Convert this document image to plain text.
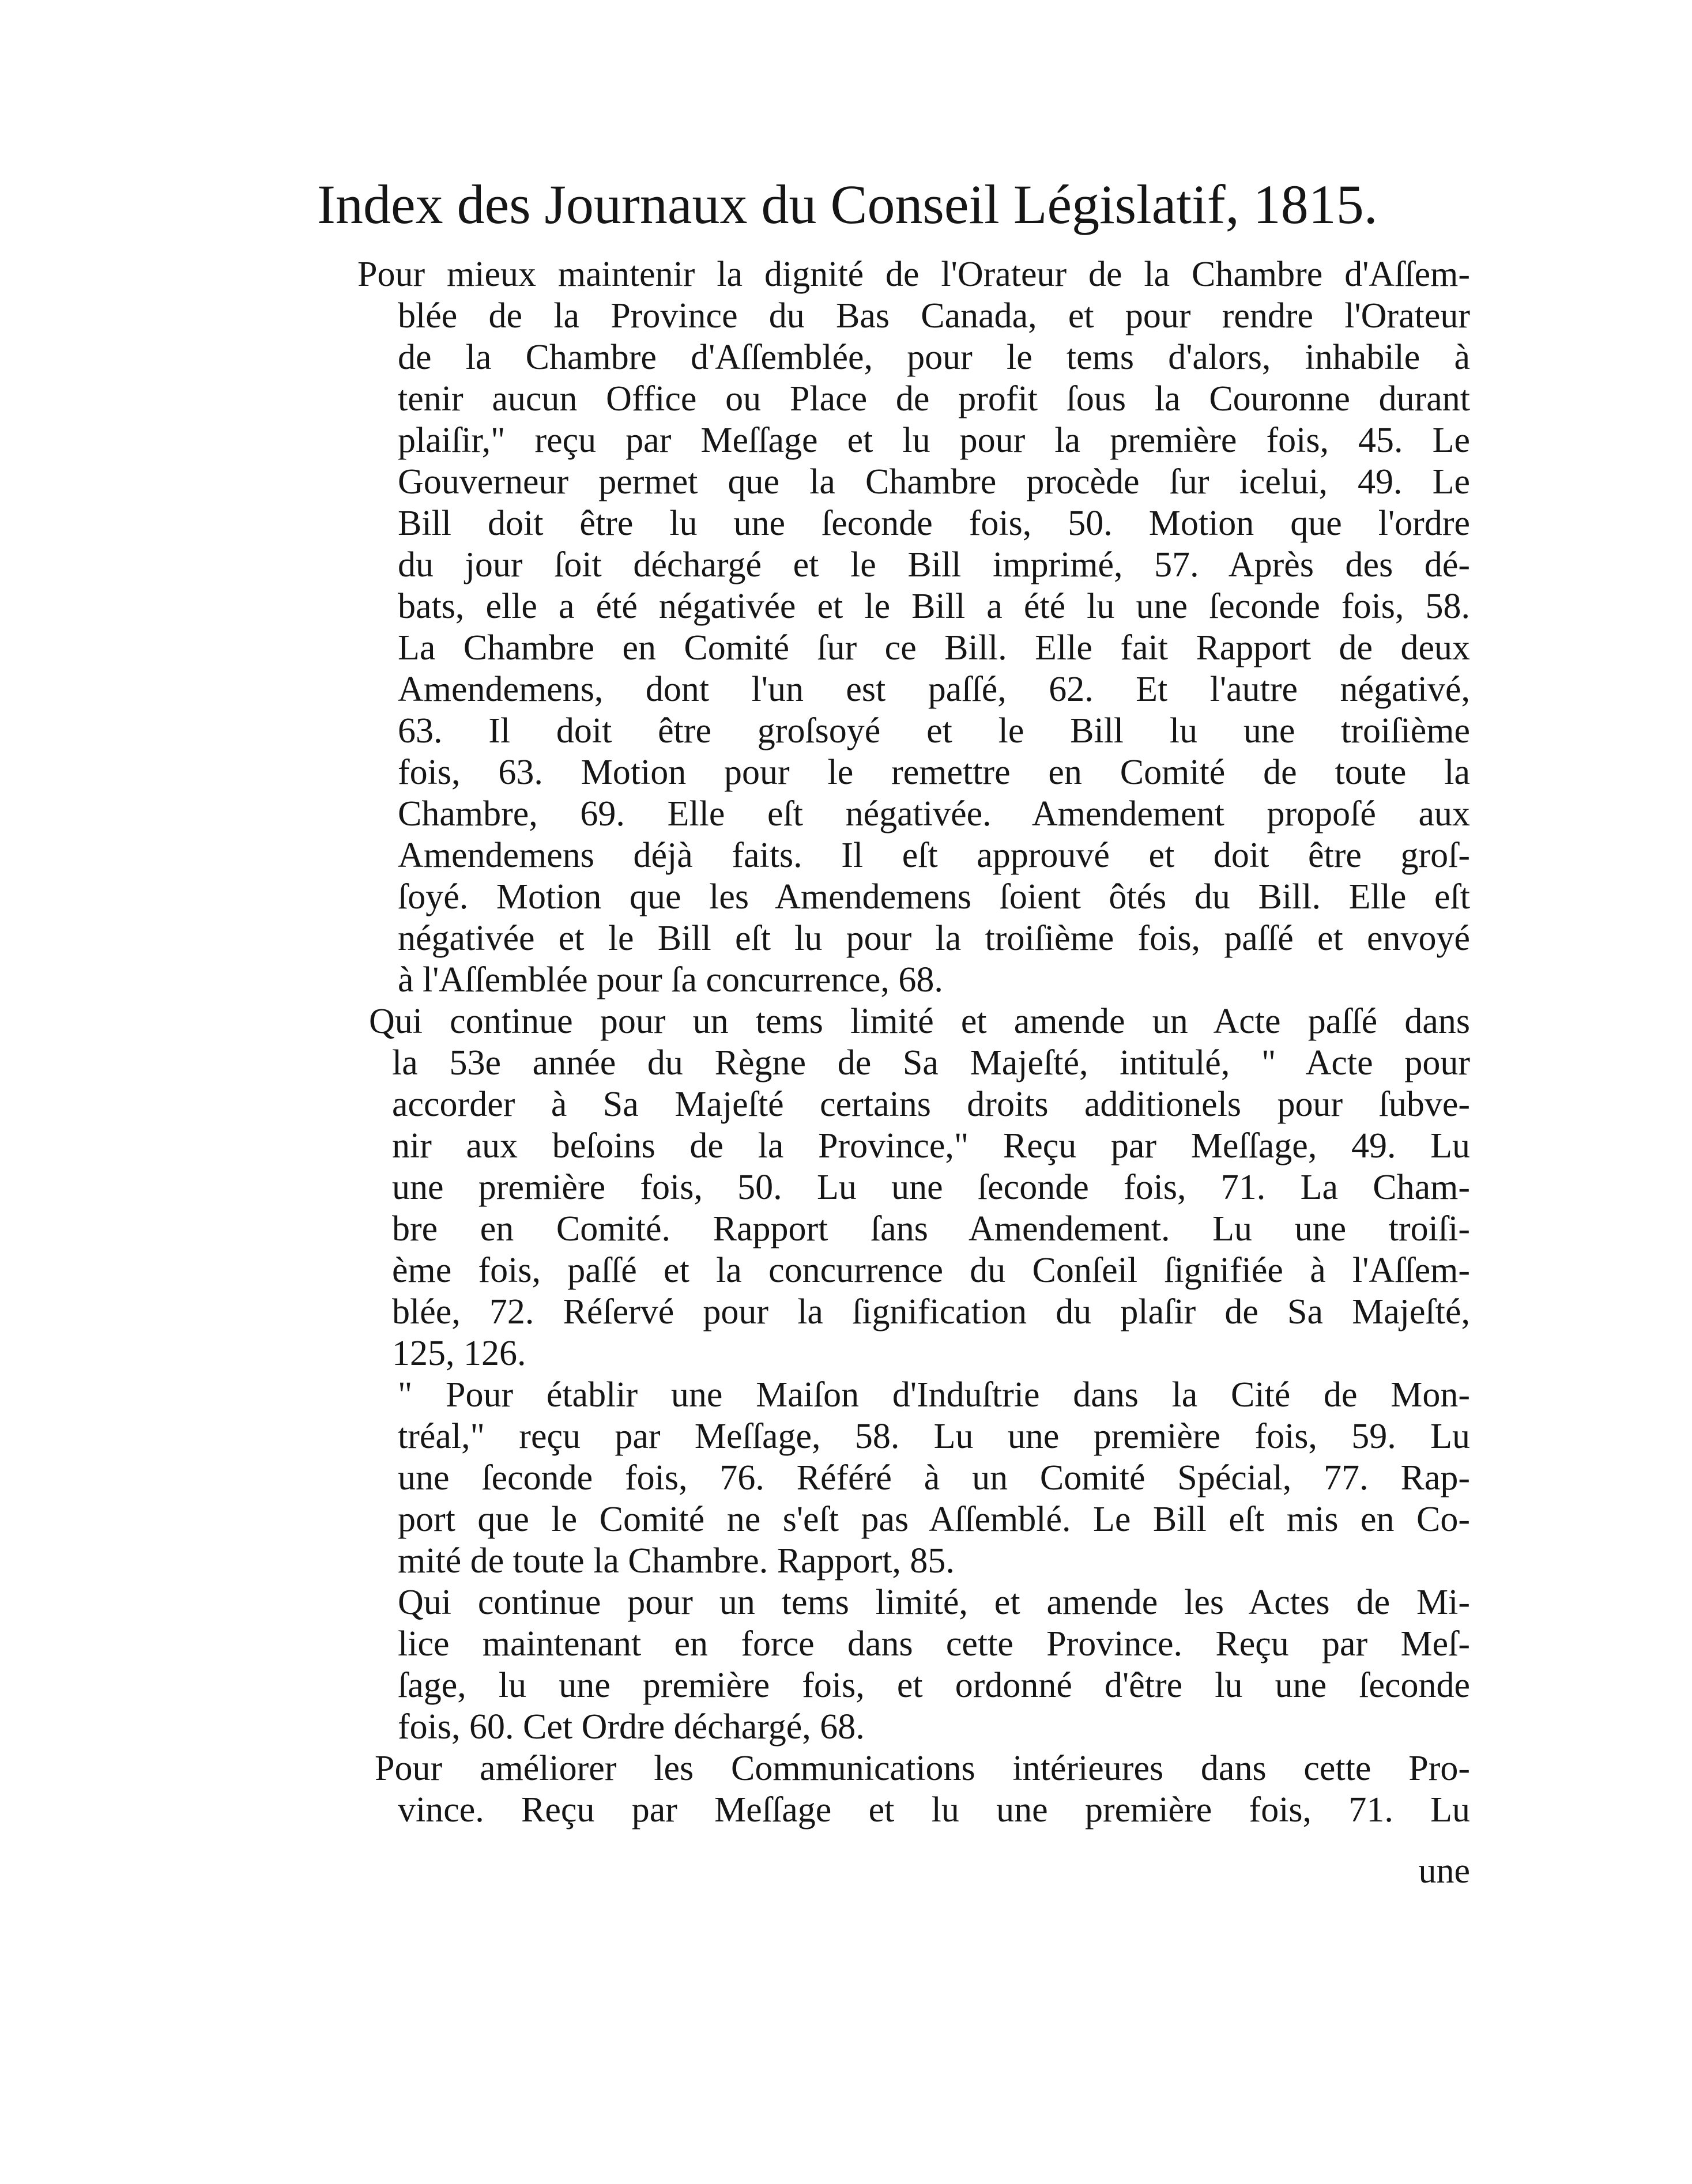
Index des Journaux du Conseil Législatif, 1815.
Pour mieux maintenir la dignité de l'Orateur de la Chambre d'Aſſem-
blée de la Province du Bas Canada, et pour rendre l'Orateur
de la Chambre d'Aſſemblée, pour le tems d'alors, inhabile à
tenir aucun Office ou Place de profit ſous la Couronne durant
plaiſir," reçu par Meſſage et lu pour la première fois, 45. Le
Gouverneur permet que la Chambre procède ſur icelui, 49. Le
Bill doit être lu une ſeconde fois, 50. Motion que l'ordre
du jour ſoit déchargé et le Bill imprimé, 57. Après des dé-
bats, elle a été négativée et le Bill a été lu une ſeconde fois, 58.
La Chambre en Comité ſur ce Bill. Elle fait Rapport de deux
Amendemens, dont l'un est paſſé, 62. Et l'autre négativé,
63. Il doit être groſsoyé et le Bill lu une troiſième
fois, 63. Motion pour le remettre en Comité de toute la
Chambre, 69. Elle eſt négativée. Amendement propoſé aux
Amendemens déjà faits. Il eſt approuvé et doit être groſ-
ſoyé. Motion que les Amendemens ſoient ôtés du Bill. Elle eſt
négativée et le Bill eſt lu pour la troiſième fois, paſſé et envoyé
à l'Aſſemblée pour ſa concurrence, 68.
Qui continue pour un tems limité et amende un Acte paſſé dans
la 53e année du Règne de Sa Majeſté, intitulé, " Acte pour
accorder à Sa Majeſté certains droits additionels pour ſubve-
nir aux beſoins de la Province," Reçu par Meſſage, 49. Lu
une première fois, 50. Lu une ſeconde fois, 71. La Cham-
bre en Comité. Rapport ſans Amendement. Lu une troiſi-
ème fois, paſſé et la concurrence du Conſeil ſignifiée à l'Aſſem-
blée, 72. Réſervé pour la ſignification du plaſir de Sa Majeſté,
125, 126.
" Pour établir une Maiſon d'Induſtrie dans la Cité de Mon-
tréal," reçu par Meſſage, 58. Lu une première fois, 59. Lu
une ſeconde fois, 76. Référé à un Comité Spécial, 77. Rap-
port que le Comité ne s'eſt pas Aſſemblé. Le Bill eſt mis en Co-
mité de toute la Chambre. Rapport, 85.
Qui continue pour un tems limité, et amende les Actes de Mi-
lice maintenant en force dans cette Province. Reçu par Meſ-
ſage, lu une première fois, et ordonné d'être lu une ſeconde
fois, 60. Cet Ordre déchargé, 68.
Pour améliorer les Communications intérieures dans cette Pro-
vince. Reçu par Meſſage et lu une première fois, 71. Lu
une
